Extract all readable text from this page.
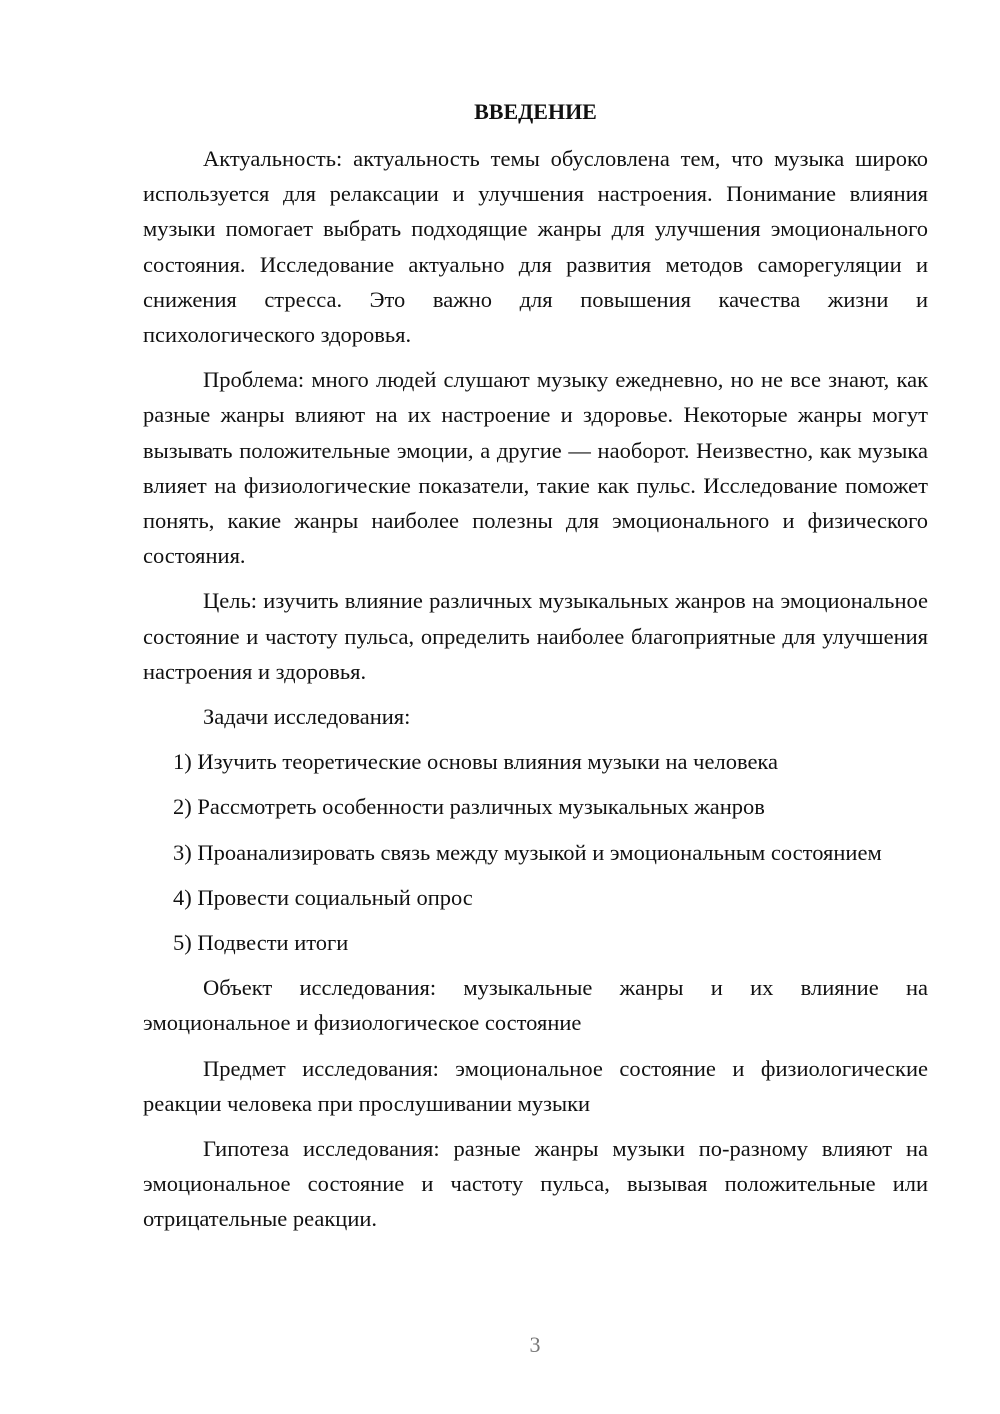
ВВЕДЕНИЕ

Актуальность: актуальность темы обусловлена тем, что музыка широко используется для релаксации и улучшения настроения. Понимание влияния музыки помогает выбрать подходящие жанры для улучшения эмоционального состояния. Исследование актуально для развития методов саморегуляции и снижения стресса. Это важно для повышения качества жизни и психологического здоровья.

Проблема: много людей слушают музыку ежедневно, но не все знают, как разные жанры влияют на их настроение и здоровье. Некоторые жанры могут вызывать положительные эмоции, а другие — наоборот. Неизвестно, как музыка влияет на физиологические показатели, такие как пульс. Исследование поможет понять, какие жанры наиболее полезны для эмоционального и физического состояния.

Цель: изучить влияние различных музыкальных жанров на эмоциональное состояние и частоту пульса, определить наиболее благоприятные для улучшения настроения и здоровья.

Задачи исследования:

1) Изучить теоретические основы влияния музыки на человека

2) Рассмотреть особенности различных музыкальных жанров

3) Проанализировать связь между музыкой и эмоциональным состоянием

4) Провести социальный опрос

5) Подвести итоги

Объект исследования: музыкальные жанры и их влияние на эмоциональное и физиологическое состояние

Предмет исследования: эмоциональное состояние и физиологические реакции человека при прослушивании музыки

Гипотеза исследования: разные жанры музыки по-разному влияют на эмоциональное состояние и частоту пульса, вызывая положительные или отрицательные реакции.

3
